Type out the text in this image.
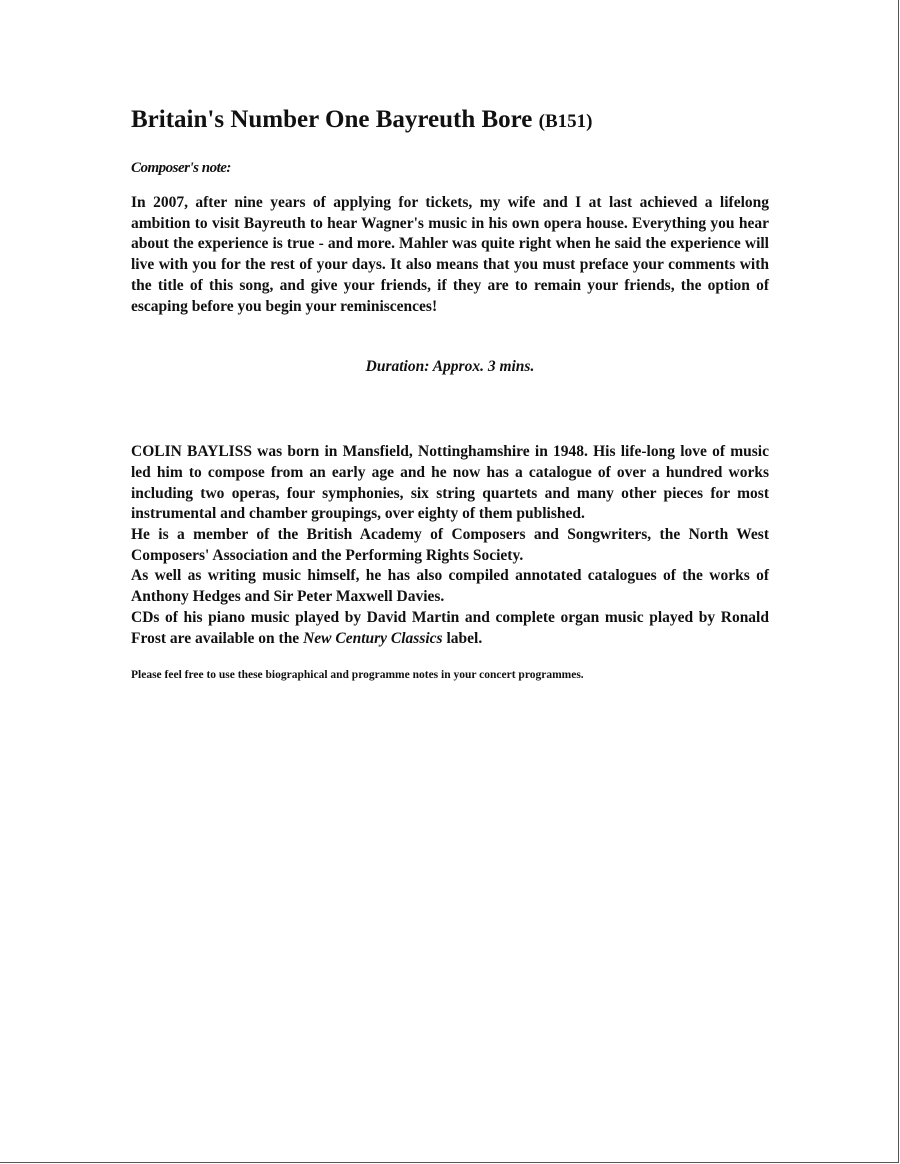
Britain's Number One Bayreuth Bore (B151)

Composer's note:

In 2007, after nine years of applying for tickets, my wife and I at last achieved a lifelong ambition to visit Bayreuth to hear Wagner's music in his own opera house. Everything you hear about the experience is true - and more. Mahler was quite right when he said the experience will live with you for the rest of your days. It also means that you must preface your comments with the title of this song, and give your friends, if they are to remain your friends, the option of escaping before you begin your reminiscences!

Duration: Approx. 3 mins.

COLIN BAYLISS was born in Mansfield, Nottinghamshire in 1948. His life-long love of music led him to compose from an early age and he now has a catalogue of over a hundred works including two operas, four symphonies, six string quartets and many other pieces for most instrumental and chamber groupings, over eighty of them published.

He is a member of the British Academy of Composers and Songwriters, the North West Composers' Association and the Performing Rights Society.

As well as writing music himself, he has also compiled annotated catalogues of the works of Anthony Hedges and Sir Peter Maxwell Davies.

CDs of his piano music played by David Martin and complete organ music played by Ronald Frost are available on the New Century Classics label.

Please feel free to use these biographical and programme notes in your concert programmes.
